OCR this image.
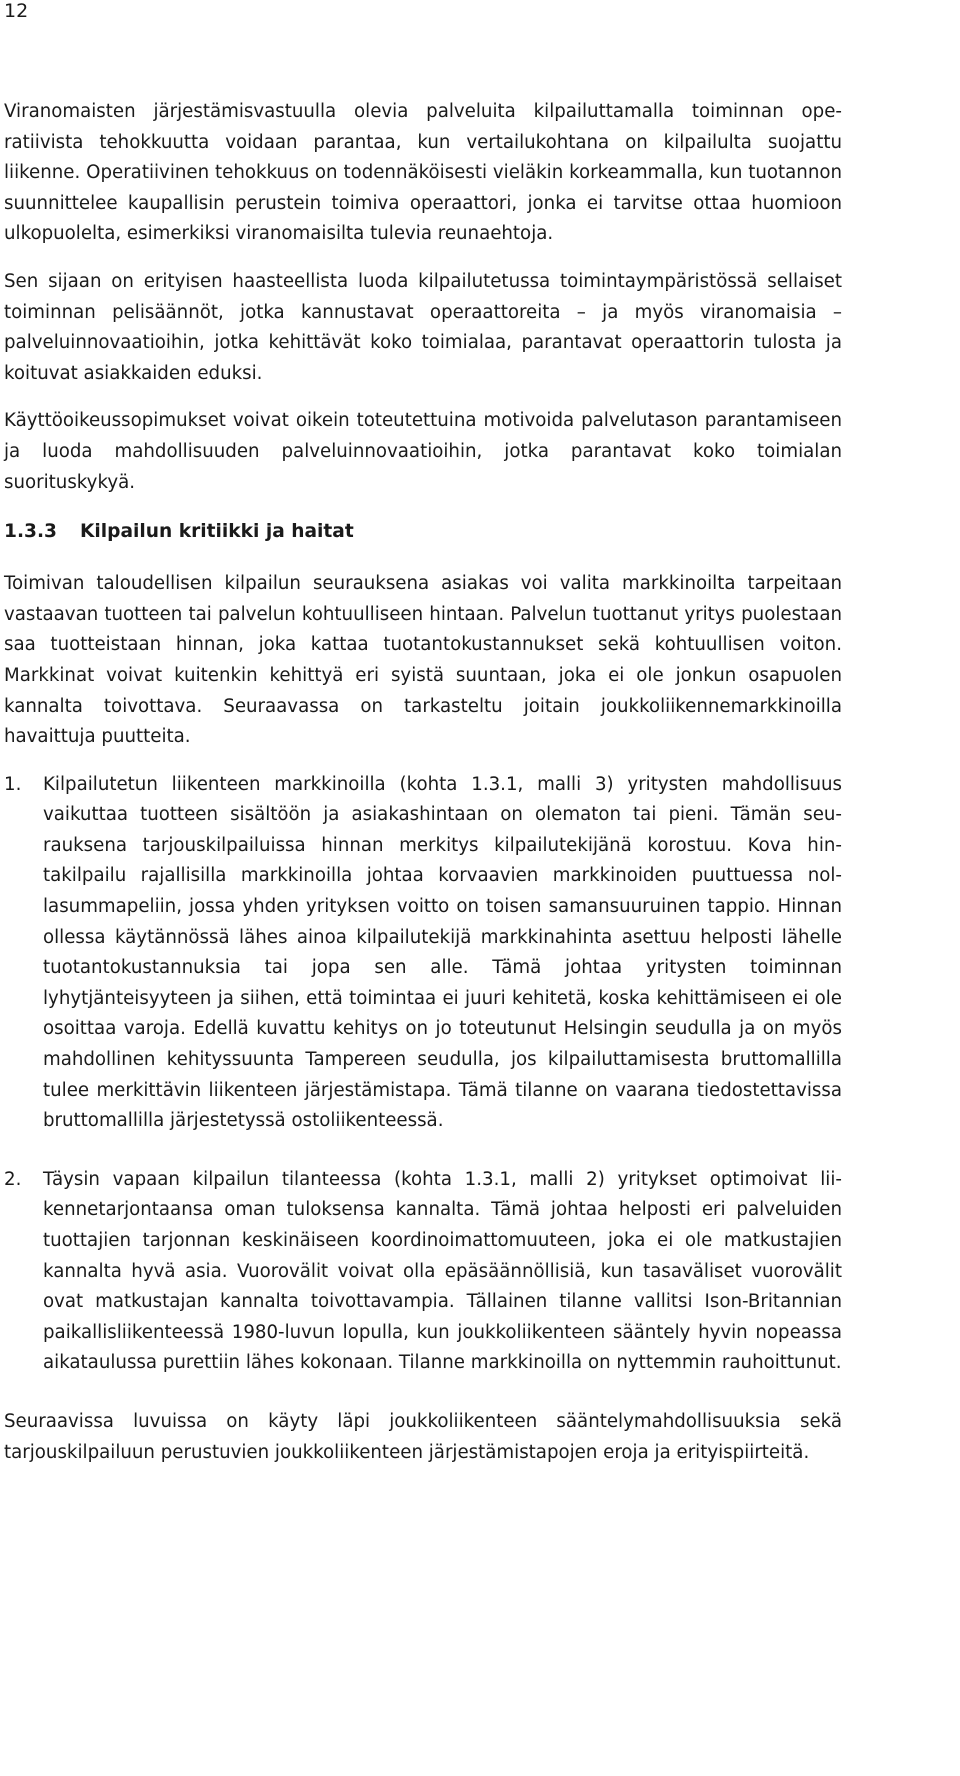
12

Viranomaisten järjestämisvastuulla olevia palveluita kilpailuttamalla toiminnan operatiivista tehokkuutta voidaan parantaa, kun vertailukohtana on kilpailulta suojattu liikenne. Operatiivinen tehokkuus on todennäköisesti vieläkin korkeammalla, kun tuotannon suunnittelee kaupallisin perustein toimiva operaattori, jonka ei tarvitse ottaa huomioon ulkopuolelta, esimerkiksi viranomaisilta tulevia reunaehtoja.

Sen sijaan on erityisen haasteellista luoda kilpailutetussa toimintaympäristössä sellaiset toiminnan pelisäännöt, jotka kannustavat operaattoreita – ja myös viranomaisia – palveluinnovaatioihin, jotka kehittävät koko toimialaa, parantavat operaattorin tulosta ja koituvat asiakkaiden eduksi.

Käyttöoikeussopimukset voivat oikein toteutettuina motivoida palvelutason parantamiseen ja luoda mahdollisuuden palveluinnovaatioihin, jotka parantavat koko toimialan suorituskykyä.

1.3.3	Kilpailun kritiikki ja haitat

Toimivan taloudellisen kilpailun seurauksena asiakas voi valita markkinoilta tarpeitaan vastaavan tuotteen tai palvelun kohtuulliseen hintaan. Palvelun tuottanut yritys puolestaan saa tuotteistaan hinnan, joka kattaa tuotantokustannukset sekä kohtuullisen voiton. Markkinat voivat kuitenkin kehittyä eri syistä suuntaan, joka ei ole jonkun osapuolen kannalta toivottava. Seuraavassa on tarkasteltu joitain joukkoliikennemarkkinoilla havaittuja puutteita.

1.	Kilpailutetun liikenteen markkinoilla (kohta 1.3.1, malli 3) yritysten mahdollisuus vaikuttaa tuotteen sisältöön ja asiakashintaan on olematon tai pieni. Tämän seurauksena tarjouskilpailuissa hinnan merkitys kilpailutekijänä korostuu. Kova hintakilpailu rajallisilla markkinoilla johtaa korvaavien markkinoiden puuttuessa nollasummapeliin, jossa yhden yrityksen voitto on toisen samansuuruinen tappio. Hinnan ollessa käytännössä lähes ainoa kilpailutekijä markkinahinta asettuu helposti lähelle tuotantokustannuksia tai jopa sen alle. Tämä johtaa yritysten toiminnan lyhytjänteisyyteen ja siihen, että toimintaa ei juuri kehitetä, koska kehittämiseen ei ole osoittaa varoja. Edellä kuvattu kehitys on jo toteutunut Helsingin seudulla ja on myös mahdollinen kehityssuunta Tampereen seudulla, jos kilpailuttamisesta bruttomallilla tulee merkittävin liikenteen järjestämistapa. Tämä tilanne on vaarana tiedostettavissa bruttomallilla järjestetyssä ostoliikenteessä.
2.	Täysin vapaan kilpailun tilanteessa (kohta 1.3.1, malli 2) yritykset optimoivat liikennetarjontaansa oman tuloksensa kannalta. Tämä johtaa helposti eri palveluiden tuottajien tarjonnan keskinäiseen koordinoimattomuuteen, joka ei ole matkustajien kannalta hyvä asia. Vuorovälit voivat olla epäsäännöllisiä, kun tasaväliset vuorovälit ovat matkustajan kannalta toivottavampia. Tällainen tilanne vallitsi Ison-Britannian paikallisliikenteessä 1980-luvun lopulla, kun joukkoliikenteen sääntely hyvin nopeassa aikataulussa purettiin lähes kokonaan. Tilanne markkinoilla on nyttemmin rauhoittunut.

Seuraavissa luvuissa on käyty läpi joukkoliikenteen sääntelymahdollisuuksia sekä tarjouskilpailuun perustuvien joukkoliikenteen järjestämistapojen eroja ja erityispiirteitä.
